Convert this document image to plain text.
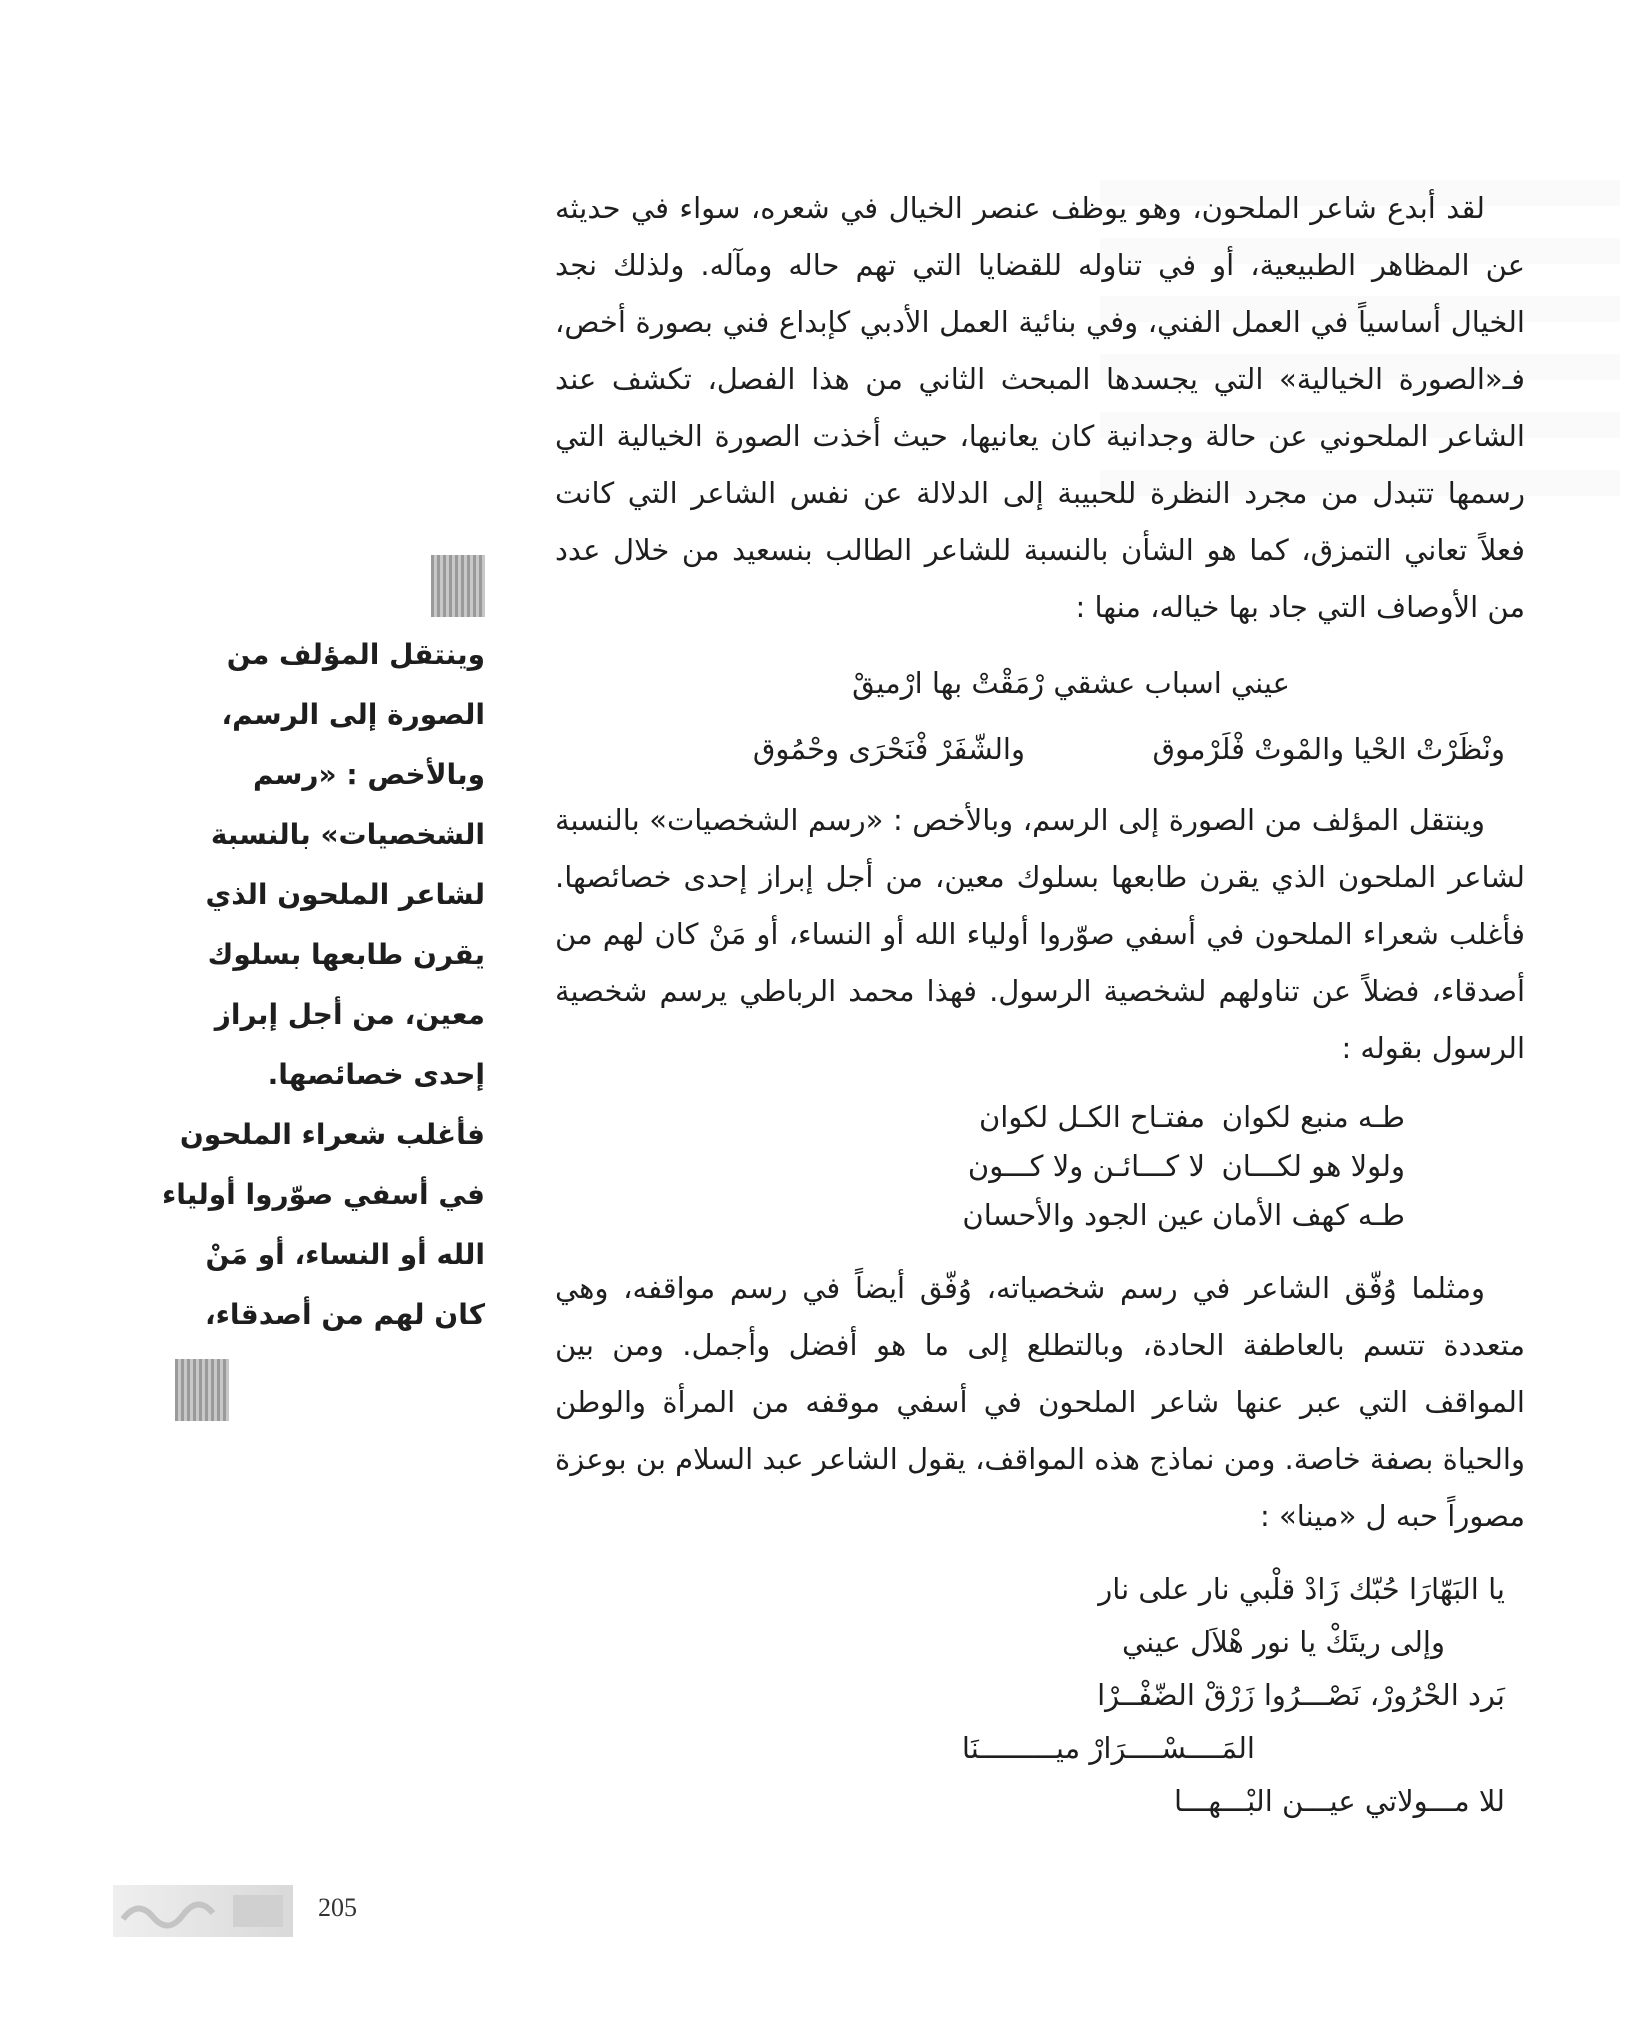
لقد أبدع شاعر الملحون، وهو يوظف عنصر الخيال في شعره، سواء في حديثه عن المظاهر الطبيعية، أو في تناوله للقضايا التي تهم حاله ومآله. ولذلك نجد الخيال أساسياً في العمل الفني، وفي بنائية العمل الأدبي كإبداع فني بصورة أخص، فـ«الصورة الخيالية» التي يجسدها المبحث الثاني من هذا الفصل، تكشف عند الشاعر الملحوني عن حالة وجدانية كان يعانيها، حيث أخذت الصورة الخيالية التي رسمها تتبدل من مجرد النظرة للحبيبة إلى الدلالة عن نفس الشاعر التي كانت فعلاً تعاني التمزق، كما هو الشأن بالنسبة للشاعر الطالب بنسعيد من خلال عدد من الأوصاف التي جاد بها خياله، منها :

عيني اسباب عشقي رْمَقْتْ بها ارْميقْ
ونْظَرْتْ الحْيا والمْوتْ فْلَرْموق
والشّفَرْ فْنَحْرَى وحْمُوق

وينتقل المؤلف من الصورة إلى الرسم، وبالأخص : «رسم الشخصيات» بالنسبة لشاعر الملحون الذي يقرن طابعها بسلوك معين، من أجل إبراز إحدى خصائصها. فأغلب شعراء الملحون في أسفي صوّروا أولياء الله أو النساء، أو مَنْ كان لهم من أصدقاء، فضلاً عن تناولهم لشخصية الرسول. فهذا محمد الرباطي يرسم شخصية الرسول بقوله :

طـه منبع لكوان
مفتـاح الكـل لكوان
ولولا هو لكـــان
لا كـــائـن ولا كـــون
طـه كهف الأمان
عين الجود والأحسان

ومثلما وُفّق الشاعر في رسم شخصياته، وُفّق أيضاً في رسم مواقفه، وهي متعددة تتسم بالعاطفة الحادة، وبالتطلع إلى ما هو أفضل وأجمل. ومن بين المواقف التي عبر عنها شاعر الملحون في أسفي موقفه من المرأة والوطن والحياة بصفة خاصة. ومن نماذج هذه المواقف، يقول الشاعر عبد السلام بن بوعزة مصوراً حبه ل «مينا» :

يا البَهّارَا حُبّك زَادْ قلْبي نار على نار
وإلى ريتَكْ يا نور هْلاَل عيني
بَرد الحْرُورْ، نَصْـــرُوا زَرْقْ الضّفْــرْا
المَــــسْــــرَارْ ميـــــــــنَا
للا مـــولاتي عيـــن البْـــهـــا
وينتقل المؤلف من
الصورة إلى الرسم،
وبالأخص : «رسم
الشخصيات» بالنسبة
لشاعر الملحون الذي
يقرن طابعها بسلوك
معين، من أجل إبراز
إحدى خصائصها.
فأغلب شعراء الملحون
في أسفي صوّروا أولياء
الله أو النساء، أو مَنْ
كان لهم من أصدقاء،
205
